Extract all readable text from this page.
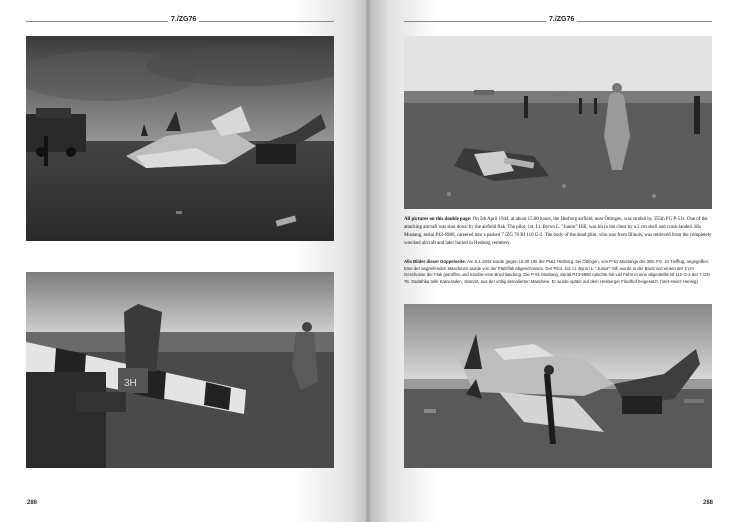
7./ZG76
3H
286
7./ZG76

All pictures on this double page: On 5th April 1944, at about 15:00 hours, the Hesborg airfield, near Öttingen, was strafed by 355th FG P-51s. One of the attacking aircraft was shot down by the airfield flak. The pilot, 1st. Lt. Byron L. "Junior" Hill, was hit in the chest by a 2 cm shell and crash-landed. His Mustang, serial P43-6980, careered into a parked 7./ZG 76 Bf 110 G-2. The body of the dead pilot, who was from Illinois, was retrieved from the completely wrecked aircraft and later buried in Hesborg cemetery.

Alle Bilder dieser Doppelseite: Am 5.4.1944 wurde gegen 15.00 Uhr der Platz Hesborg, bei Öttingen, von P-51 Mustangs der 355. FG, im Tiefflug, angegriffen. Eine der angreifenden Maschinen wurde von der Platzflak abgeschossen. Der Pilot, 1st. Lt. Byron L. "Junior" Hill, wurde in der Brust von einem der 2 cm Geschosse der Flak getroffen und machte eine Bruchlandung. Die P-51 Mustang, Serial P43-6980 rutschte mit viel Fahrt in eine abgestellte Bf 110 G-2 der 7./ZG 76. Südafrika tolle Kameraden, stammt, aus der völlig demolierten Maschine. Er wurde später auf dem Hesborger Friedhof beigesetzt. (Vert-Heinz Hennig)

288
